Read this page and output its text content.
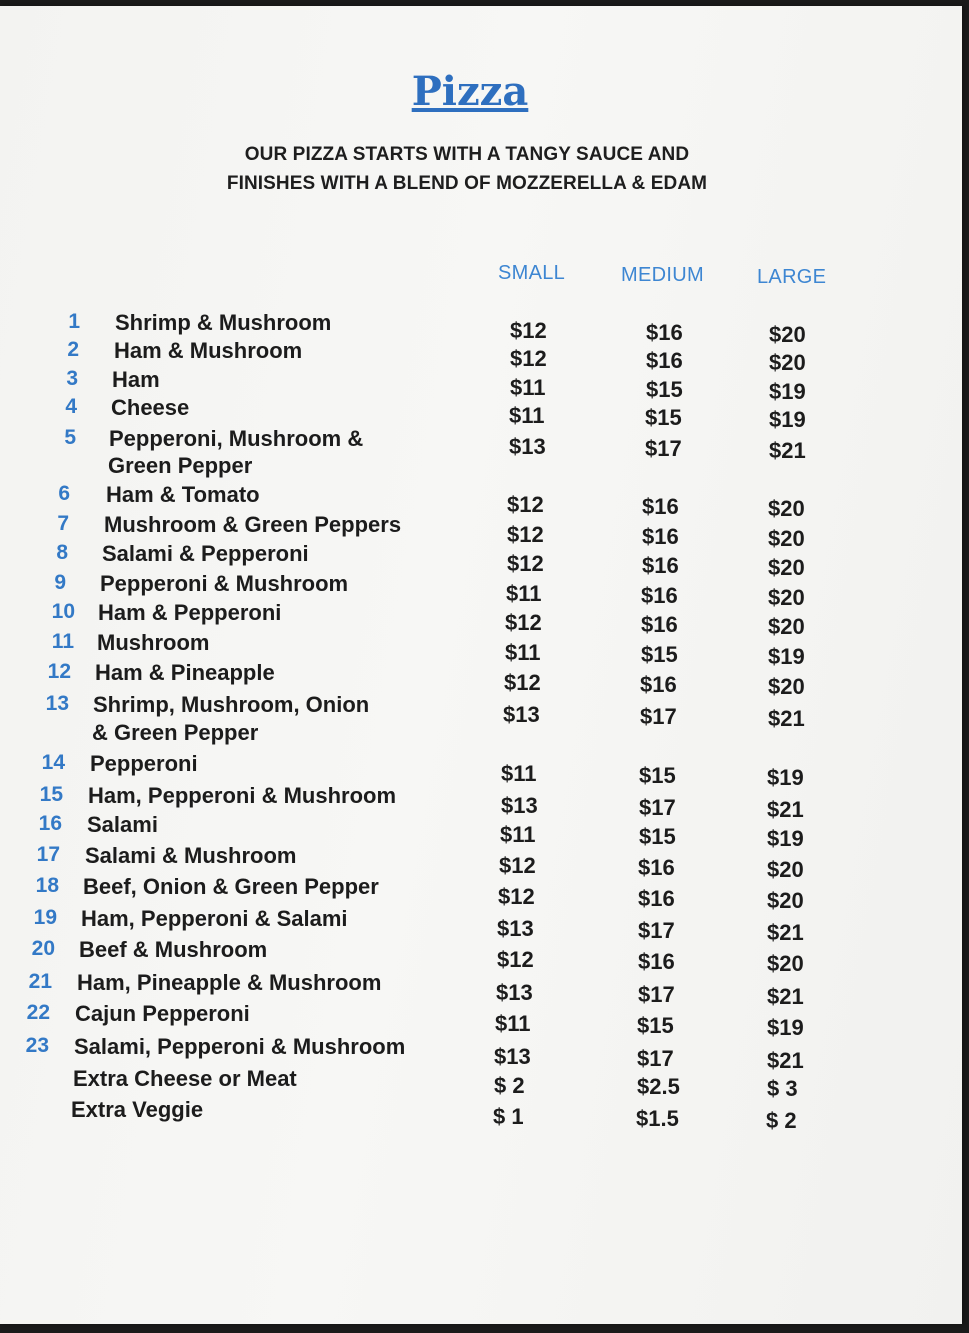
Pizza
OUR PIZZA STARTS WITH A TANGY SAUCE AND
FINISHES WITH A BLEND OF MOZZERELLA & EDAM
SMALL	MEDIUM	LARGE
1 Shrimp & Mushroom	$12	$16	$20
2 Ham & Mushroom	$12	$16	$20
3 Ham	$11	$15	$19
4 Cheese	$11	$15	$19
5 Pepperoni, Mushroom &	$13	$17	$21
Green Pepper
6 Ham & Tomato	$12	$16	$20
7 Mushroom & Green Peppers	$12	$16	$20
8 Salami & Pepperoni	$12	$16	$20
9 Pepperoni & Mushroom	$11	$16	$20
10 Ham & Pepperoni	$12	$16	$20
11 Mushroom	$11	$15	$19
12 Ham & Pineapple	$12	$16	$20
13 Shrimp, Mushroom, Onion	$13	$17	$21
& Green Pepper
14 Pepperoni	$11	$15	$19
15 Ham, Pepperoni & Mushroom	$13	$17	$21
16 Salami	$11	$15	$19
17 Salami & Mushroom	$12	$16	$20
18 Beef, Onion & Green Pepper	$12	$16	$20
19 Ham, Pepperoni & Salami	$13	$17	$21
20 Beef & Mushroom	$12	$16	$20
21 Ham, Pineapple & Mushroom	$13	$17	$21
22 Cajun Pepperoni	$11	$15	$19
23 Salami, Pepperoni & Mushroom	$13	$17	$21
Extra Cheese or Meat	$ 2	$2.5	$ 3
Extra Veggie	$ 1	$1.5	$ 2
